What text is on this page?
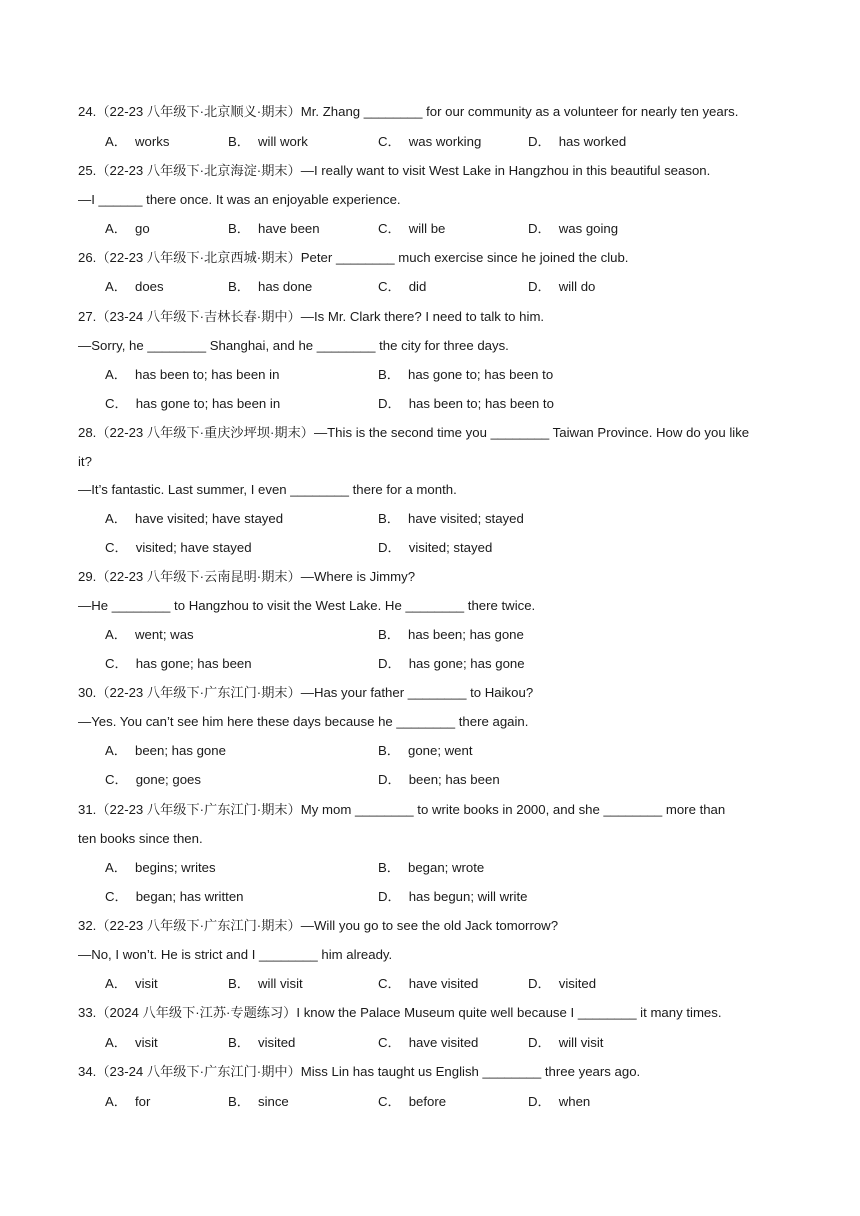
24.（22-23 八年级下·北京顺义·期末）Mr. Zhang ________ for our community as a volunteer for nearly ten years.
A． works	B． will work	C． was working	D． has worked
25.（22-23 八年级下·北京海淀·期末）—I really want to visit West Lake in Hangzhou in this beautiful season.
—I ______ there once. It was an enjoyable experience.
A． go	B． have been	C． will be	D． was going
26.（22-23 八年级下·北京西城·期末）Peter ________ much exercise since he joined the club.
A． does	B． has done	C． did	D． will do
27.（23-24 八年级下·吉林长春·期中）—Is Mr. Clark there? I need to talk to him.
—Sorry, he ________ Shanghai, and he ________ the city for three days.
A． has been to; has been in	B． has gone to; has been to
C． has gone to; has been in	D． has been to; has been to
28.（22-23 八年级下·重庆沙坪坝·期末）—This is the second time you ________ Taiwan Province. How do you like
it?
—It’s fantastic. Last summer, I even ________ there for a month.
A． have visited; have stayed	B． have visited; stayed
C． visited; have stayed	D． visited; stayed
29.（22-23 八年级下·云南昆明·期末）—Where is Jimmy?
—He ________ to Hangzhou to visit the West Lake. He ________ there twice.
A． went; was	B． has been; has gone
C． has gone; has been	D． has gone; has gone
30.（22-23 八年级下·广东江门·期末）—Has your father ________ to Haikou?
—Yes. You can’t see him here these days because he ________ there again.
A． been; has gone	B． gone; went
C． gone; goes	D． been; has been
31.（22-23 八年级下·广东江门·期末）My mom ________ to write books in 2000, and she ________ more than
ten books since then.
A． begins; writes	B． began; wrote
C． began; has written	D． has begun; will write
32.（22-23 八年级下·广东江门·期末）—Will you go to see the old Jack tomorrow?
—No, I won’t. He is strict and I ________ him already.
A． visit	B． will visit	C． have visited	D． visited
33.（2024 八年级下·江苏·专题练习）I know the Palace Museum quite well because I ________ it many times.
A． visit	B． visited	C． have visited	D． will visit
34.（23-24 八年级下·广东江门·期中）Miss Lin has taught us English ________ three years ago.
A． for	B． since	C． before	D． when
